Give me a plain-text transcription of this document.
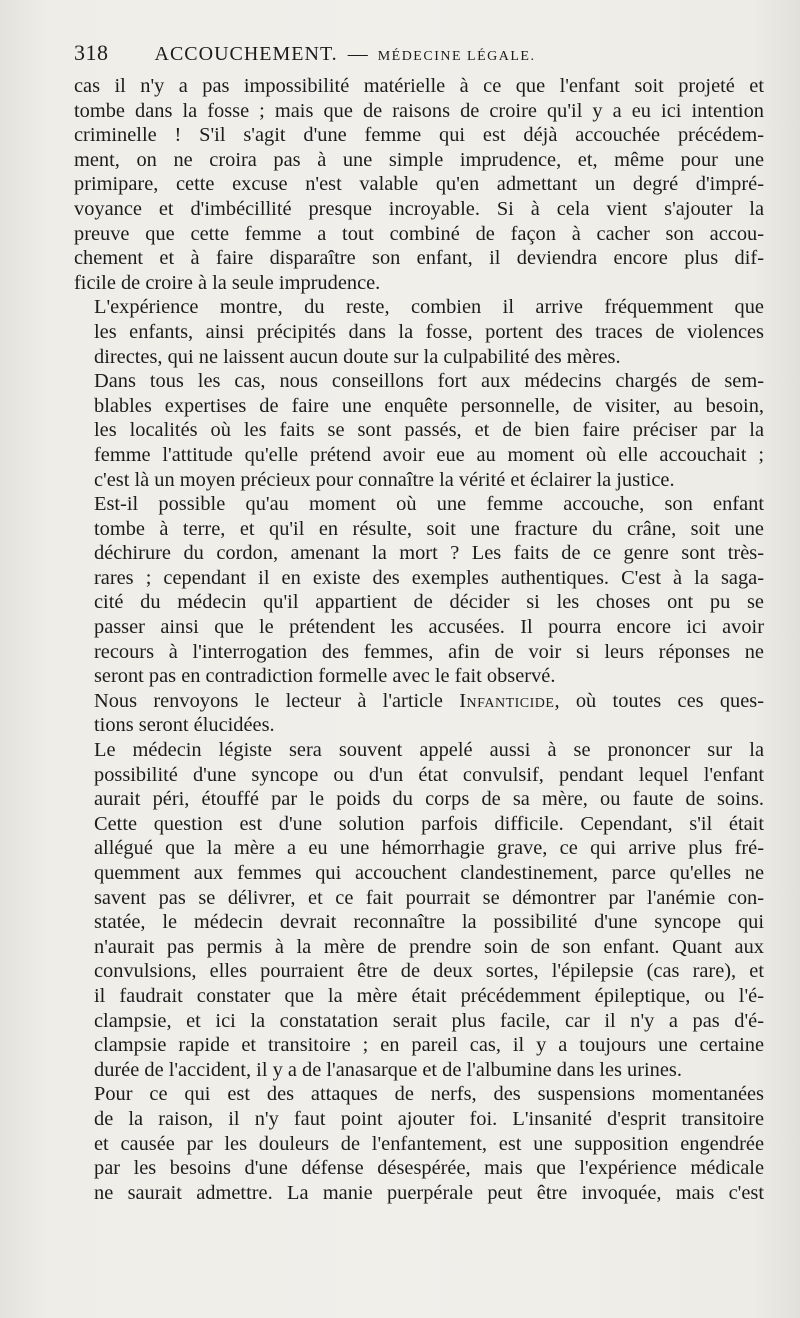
318 ACCOUCHEMENT. — MÉDECINE LÉGALE.

cas il n'y a pas impossibilité matérielle à ce que l'enfant soit projeté et
tombe dans la fosse ; mais que de raisons de croire qu'il y a eu ici intention
criminelle ! S'il s'agit d'une femme qui est déjà accouchée précédem-
ment, on ne croira pas à une simple imprudence, et, même pour une
primipare, cette excuse n'est valable qu'en admettant un degré d'impré-
voyance et d'imbécillité presque incroyable. Si à cela vient s'ajouter la
preuve que cette femme a tout combiné de façon à cacher son accou-
chement et à faire disparaître son enfant, il deviendra encore plus dif-
ficile de croire à la seule imprudence.

L'expérience montre, du reste, combien il arrive fréquemment que
les enfants, ainsi précipités dans la fosse, portent des traces de violences
directes, qui ne laissent aucun doute sur la culpabilité des mères.

Dans tous les cas, nous conseillons fort aux médecins chargés de sem-
blables expertises de faire une enquête personnelle, de visiter, au besoin,
les localités où les faits se sont passés, et de bien faire préciser par la
femme l'attitude qu'elle prétend avoir eue au moment où elle accouchait ;
c'est là un moyen précieux pour connaître la vérité et éclairer la justice.

Est-il possible qu'au moment où une femme accouche, son enfant
tombe à terre, et qu'il en résulte, soit une fracture du crâne, soit une
déchirure du cordon, amenant la mort ? Les faits de ce genre sont très-
rares ; cependant il en existe des exemples authentiques. C'est à la saga-
cité du médecin qu'il appartient de décider si les choses ont pu se
passer ainsi que le prétendent les accusées. Il pourra encore ici avoir
recours à l'interrogation des femmes, afin de voir si leurs réponses ne
seront pas en contradiction formelle avec le fait observé.

Nous renvoyons le lecteur à l'article Infanticide, où toutes ces ques-
tions seront élucidées.

Le médecin légiste sera souvent appelé aussi à se prononcer sur la
possibilité d'une syncope ou d'un état convulsif, pendant lequel l'enfant
aurait péri, étouffé par le poids du corps de sa mère, ou faute de soins.
Cette question est d'une solution parfois difficile. Cependant, s'il était
allégué que la mère a eu une hémorrhagie grave, ce qui arrive plus fré-
quemment aux femmes qui accouchent clandestinement, parce qu'elles ne
savent pas se délivrer, et ce fait pourrait se démontrer par l'anémie con-
statée, le médecin devrait reconnaître la possibilité d'une syncope qui
n'aurait pas permis à la mère de prendre soin de son enfant. Quant aux
convulsions, elles pourraient être de deux sortes, l'épilepsie (cas rare), et
il faudrait constater que la mère était précédemment épileptique, ou l'é-
clampsie, et ici la constatation serait plus facile, car il n'y a pas d'é-
clampsie rapide et transitoire ; en pareil cas, il y a toujours une certaine
durée de l'accident, il y a de l'anasarque et de l'albumine dans les urines.

Pour ce qui est des attaques de nerfs, des suspensions momentanées
de la raison, il n'y faut point ajouter foi. L'insanité d'esprit transitoire
et causée par les douleurs de l'enfantement, est une supposition engendrée
par les besoins d'une défense désespérée, mais que l'expérience médicale
ne saurait admettre. La manie puerpérale peut être invoquée, mais c'est
